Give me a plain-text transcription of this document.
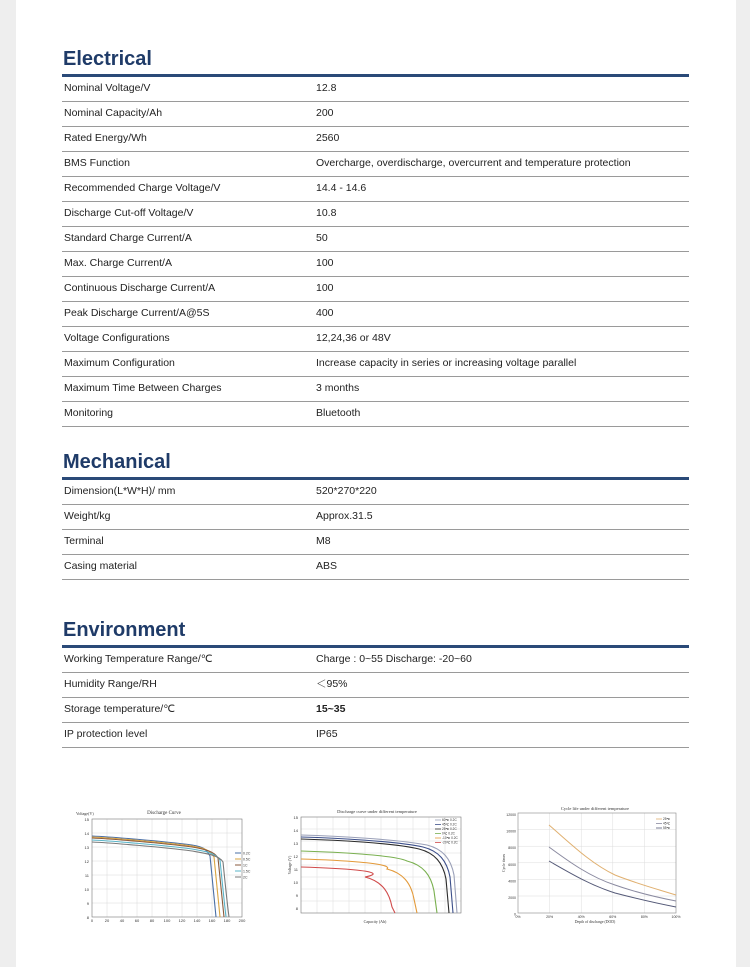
Electrical
Nominal Voltage/V	12.8
Nominal Capacity/Ah	200
Rated Energy/Wh	2560
BMS Function	Overcharge, overdischarge, overcurrent and temperature protection
Recommended Charge Voltage/V	14.4 - 14.6
Discharge Cut-off Voltage/V	10.8
Standard Charge Current/A	50
Max. Charge Current/A	100
Continuous Discharge Current/A	100
Peak Discharge Current/A@5S	400
Voltage Configurations	12,24,36 or 48V
Maximum Configuration	Increase capacity in series or increasing voltage parallel
Maximum Time Between Charges	3 months
Monitoring	Bluetooth
Mechanical
Dimension(L*W*H)/ mm	520*270*220
Weight/kg	Approx.31.5
Terminal	M8
Casing material	ABS
Environment
Working Temperature Range/℃	Charge : 0~55 Discharge: -20~60
Humidity Range/RH	＜95%
Storage temperature/℃	15~35
IP protection level	IP65
Discharge Curve
Voltage(V)
15
14
13
12
11
10
9
8
0	20	40	60	80 100 120 140 160 180 200
0.2C
0.5C
1C
1.5C
2C
Discharge curve under different temperature
Capacity (Ah)
Voltage (V)
15
14
13
12
11
10
9
8
60℃ 0.2C
45℃ 0.2C
25℃ 0.2C
0℃ 0.2C
-10℃ 0.2C
-20℃ 0.2C
Cycle life under different temperature
Depth of discharge (DOD)
Cycle times
12000
10000
8000
6000
4000
2000
0
0%	20%	40%	60%	80%	100%
25℃
45℃
55℃
